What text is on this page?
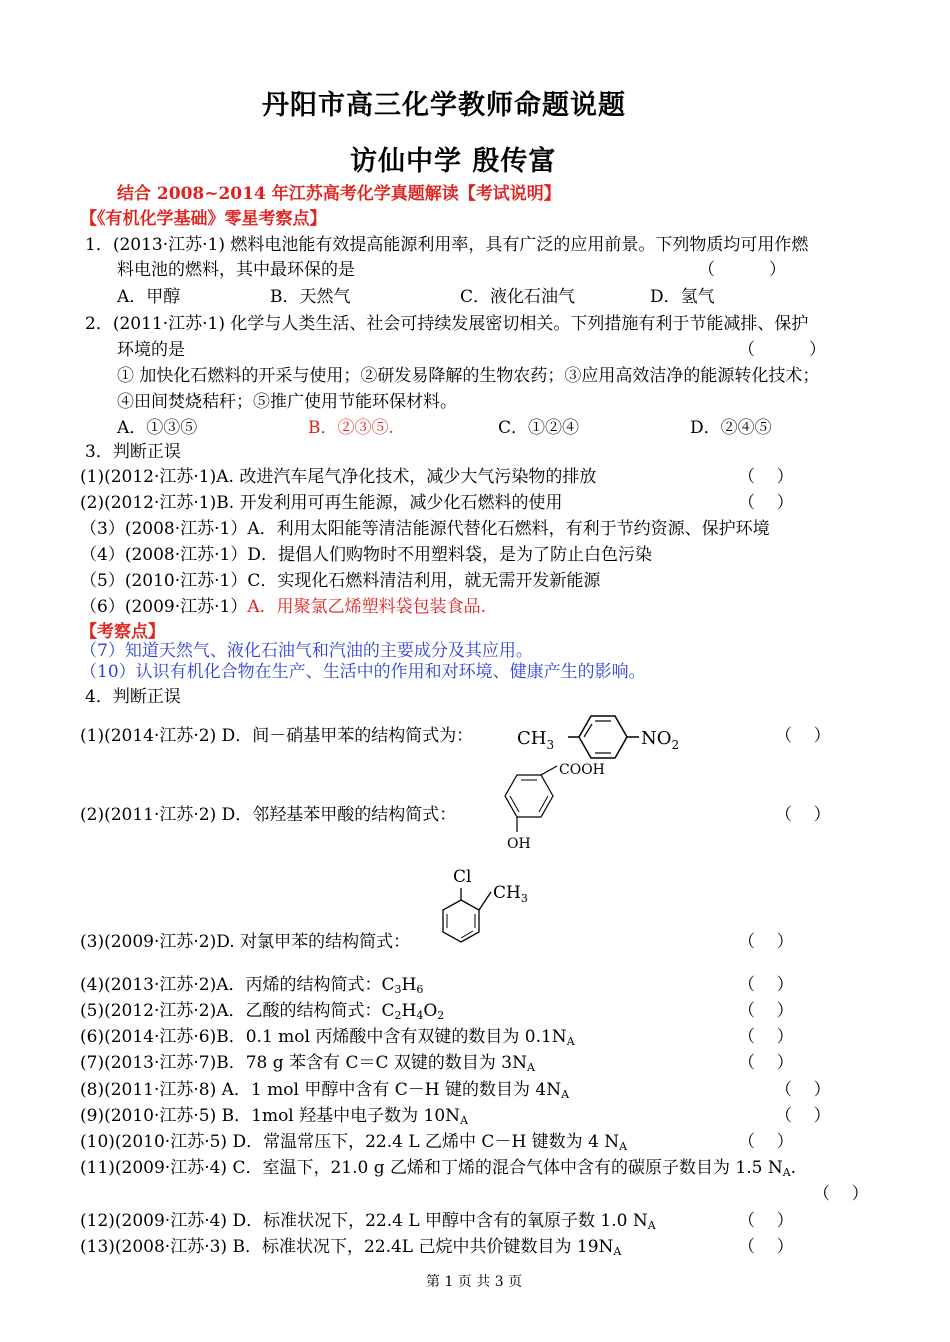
丹阳市高三化学教师命题说题
访仙中学 殷传富
结合 2008~2014 年江苏高考化学真题解读【考试说明】
【《有机化学基础》零星考察点】
1．(2013·江苏·1) 燃料电池能有效提高能源利用率，具有广泛的应用前景。下列物质均可用作燃
料电池的燃料，其中最环保的是	（          ）
A．甲醇	B．天然气	C．液化石油气	D．氢气
2．(2011·江苏·1) 化学与人类生活、社会可持续发展密切相关。下列措施有利于节能减排、保护
环境的是	（          ）
① 加快化石燃料的开采与使用；②研发易降解的生物农药；③应用高效洁净的能源转化技术；
④田间焚烧秸秆；⑤推广使用节能环保材料。
A．①③⑤	B．②③⑤.	C．①②④	D．②④⑤
3．判断正误
(1)(2012·江苏·1)A. 改进汽车尾气净化技术，减少大气污染物的排放	（    ）
(2)(2012·江苏·1)B. 开发利用可再生能源，减少化石燃料的使用	（    ）
（3）(2008·江苏·1）A．利用太阳能等清洁能源代替化石燃料，有利于节约资源、保护环境
（4）(2008·江苏·1）D．提倡人们购物时不用塑料袋，是为了防止白色污染
（5）(2010·江苏·1）C．实现化石燃料清洁利用，就无需开发新能源
（6）(2009·江苏·1）A．用聚氯乙烯塑料袋包装食品.
【考察点】
（7）知道天然气、液化石油气和汽油的主要成分及其应用。
（10）认识有机化合物在生产、生活中的作用和对环境、健康产生的影响。
4．判断正误
(1)(2014·江苏·2) D．间－硝基甲苯的结构简式为： $CH_3$	$NO_2$	（    ）
(2)(2011·江苏·2) D．邻羟基苯甲酸的结构简式：
COOH
OH
（    ）
Cl
$CH_3$
(3)(2009·江苏·2)D. 对氯甲苯的结构简式：	（    ）
(4)(2013·江苏·2)A．丙烯的结构简式：$C_3H_6$	（    ）
(5)(2012·江苏·2)A．乙酸的结构简式：$C_2H_4O_2$	（    ）
(6)(2014·江苏·6)B．0.1 mol 丙烯酸中含有双键的数目为 $0.1N_A$	（    ）
(7)(2013·江苏·7)B．78 g 苯含有 C＝C 双键的数目为 $3N_A$	（    ）
(8)(2011·江苏·8) A．1 mol 甲醇中含有 C－H 键的数目为 $4N_A$	（    ）
(9)(2010·江苏·5) B．1mol 羟基中电子数为 $10N_A$	（    ）
(10)(2010·江苏·5) D．常温常压下，22.4 L 乙烯中 C－H 键数为 4 $N_A$	（    ）
(11)(2009·江苏·4) C．室温下，21.0 g 乙烯和丁烯的混合气体中含有的碳原子数目为 1.5 $N_A$.
（    ）
(12)(2009·江苏·4) D．标准状况下，22.4 L 甲醇中含有的氧原子数 1.0 $N_A$	（    ）
(13)(2008·江苏·3) B．标准状况下，22.4L 己烷中共价键数目为 $19N_A$	（    ）
第 1 页 共 3 页
